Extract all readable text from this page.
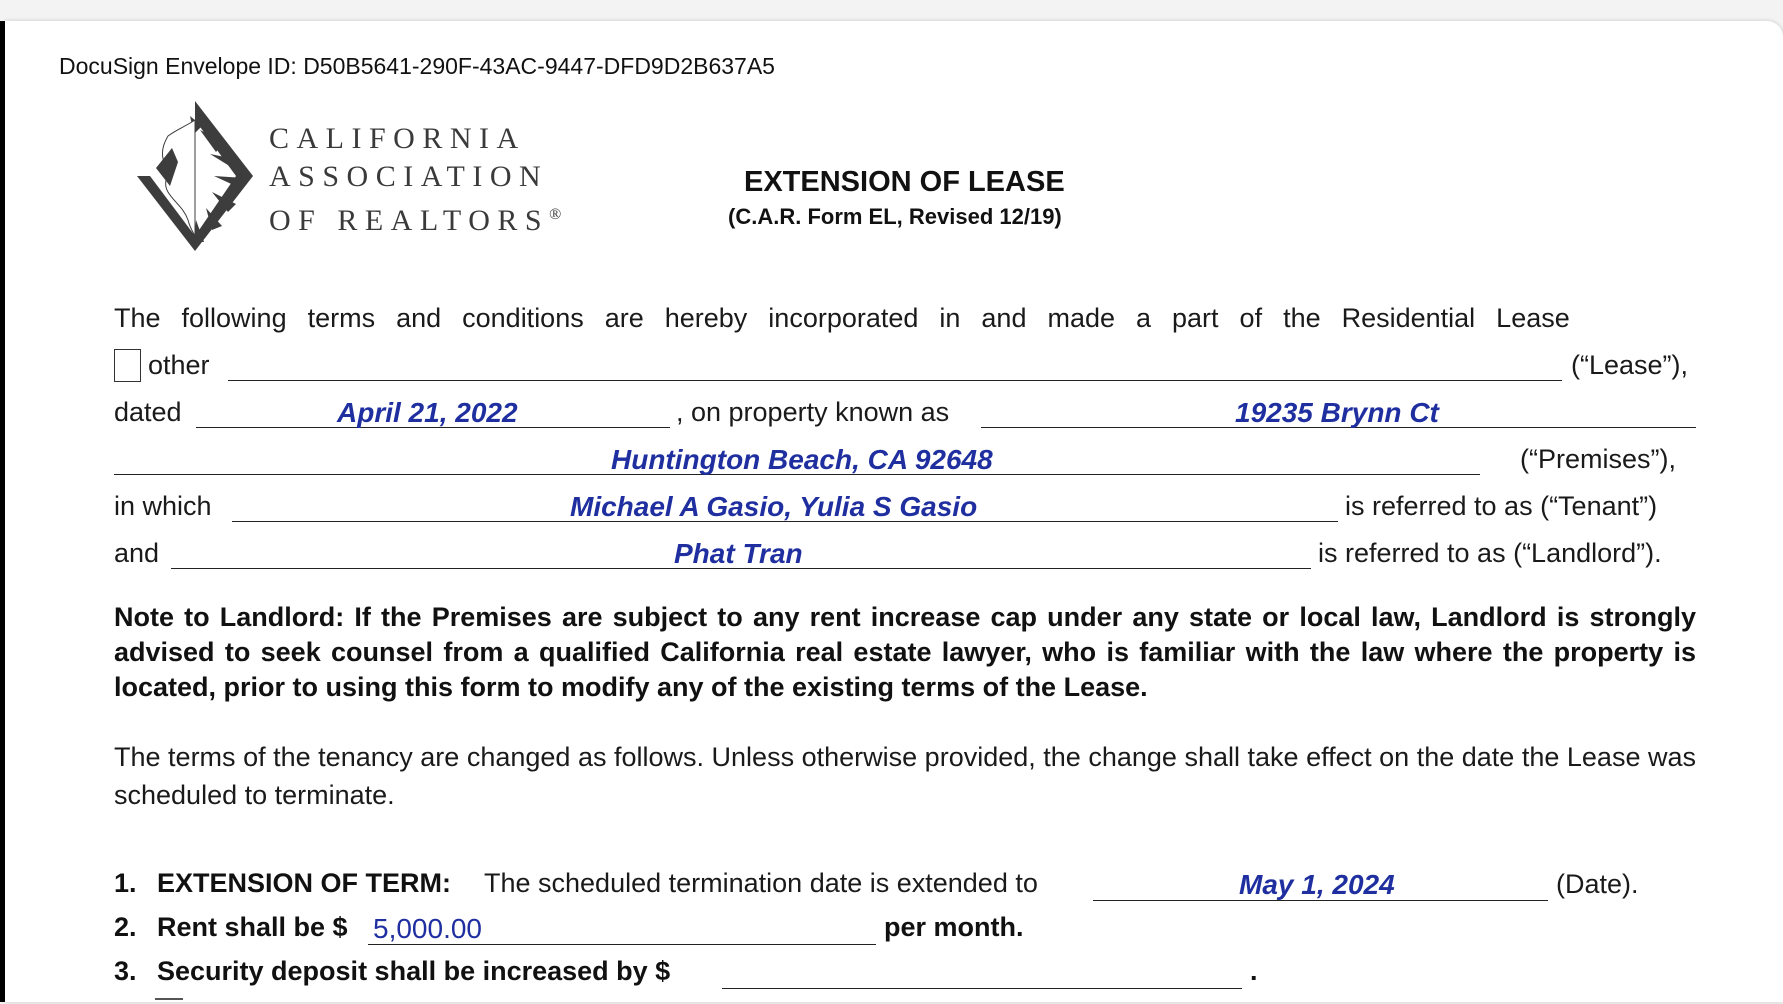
DocuSign Envelope ID: D50B5641-290F-43AC-9447-DFD9D2B637A5
CALIFORNIA
ASSOCIATION
OF REALTORS®
EXTENSION OF LEASE
(C.A.R. Form EL, Revised 12/19)
The following terms and conditions are hereby incorporated in and made a part of the Residential Lease
other	(“Lease”),
dated	April 21, 2022	, on property known as	19235 Brynn Ct
Huntington Beach, CA 92648	(“Premises”),
in which	Michael A Gasio, Yulia S Gasio	is referred to as (“Tenant”)
and	Phat Tran	is referred to as (“Landlord”).
Note to Landlord: If the Premises are subject to any rent increase cap under any state or local law, Landlord is strongly advised to seek counsel from a qualified California real estate lawyer, who is familiar with the law where the property is located, prior to using this form to modify any of the existing terms of the Lease.
The terms of the tenancy are changed as follows. Unless otherwise provided, the change shall take effect on the date the Lease was scheduled to terminate.
1. EXTENSION OF TERM: The scheduled termination date is extended to	May 1, 2024	(Date).
2. Rent shall be $ 5,000.00	per month.
3. Security deposit shall be increased by $	.
